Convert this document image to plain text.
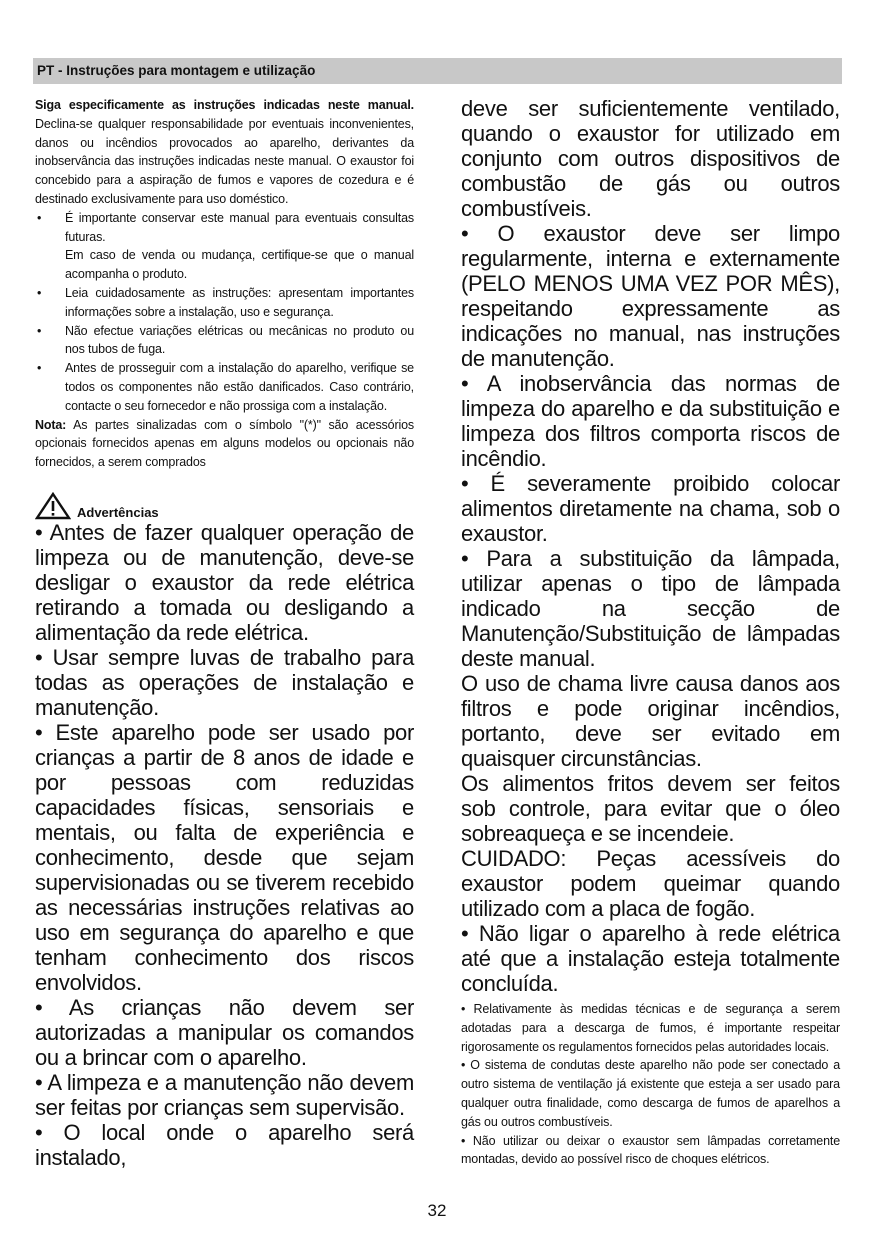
PT - Instruções para montagem e utilização

Siga especificamente as instruções indicadas neste manual. Declina-se qualquer responsabilidade por eventuais inconvenientes, danos ou incêndios provocados ao aparelho, derivantes da inobservância das instruções indicadas neste manual. O exaustor foi concebido para a aspiração de fumos e vapores de cozedura e é destinado exclusivamente para uso doméstico.

• É importante conservar este manual para eventuais consultas futuras.
Em caso de venda ou mudança, certifique-se que o manual acompanha o produto.
• Leia cuidadosamente as instruções: apresentam importantes informações sobre a instalação, uso e segurança.
• Não efectue variações elétricas ou mecânicas no produto ou nos tubos de fuga.
• Antes de prosseguir com a instalação do aparelho, verifique se todos os componentes não estão danificados. Caso contrário, contacte o seu fornecedor e não prossiga com a instalação.

Nota: As partes sinalizadas com o símbolo "(*)" são acessórios opcionais fornecidos apenas em alguns modelos ou opcionais não fornecidos, a serem comprados

Advertências

• Antes de fazer qualquer operação de limpeza ou de manutenção, deve-se desligar o exaustor da rede elétrica retirando a tomada ou desligando a alimentação da rede elétrica.

• Usar sempre luvas de trabalho para todas as operações de instalação e manutenção.

• Este aparelho pode ser usado por crianças a partir de 8 anos de idade e por pessoas com reduzidas capacidades físicas, sensoriais e mentais, ou falta de experiência e conhecimento, desde que sejam supervisionadas ou se tiverem recebido as necessárias instruções relativas ao uso em segurança do aparelho e que tenham conhecimento dos riscos envolvidos.

• As crianças não devem ser autorizadas a manipular os comandos ou a brincar com o aparelho.

• A limpeza e a manutenção não devem ser feitas por crianças sem supervisão.

• O local onde o aparelho será instalado,

deve ser suficientemente ventilado, quando o exaustor for utilizado em conjunto com outros dispositivos de combustão de gás ou outros combustíveis.

• O exaustor deve ser limpo regularmente, interna e externamente (PELO MENOS UMA VEZ POR MÊS), respeitando expressamente as indicações no manual, nas instruções de manutenção.

• A inobservância das normas de limpeza do aparelho e da substituição e limpeza dos filtros comporta riscos de incêndio.

• É severamente proibido colocar alimentos diretamente na chama, sob o exaustor.

• Para a substituição da lâmpada, utilizar apenas o tipo de lâmpada indicado na secção de Manutenção/Substituição de lâmpadas deste manual.

O uso de chama livre causa danos aos filtros e pode originar incêndios, portanto, deve ser evitado em quaisquer circunstâncias.

Os alimentos fritos devem ser feitos sob controle, para evitar que o óleo sobreaqueça e se incendeie.

CUIDADO: Peças acessíveis do exaustor podem queimar quando utilizado com a placa de fogão.

• Não ligar o aparelho à rede elétrica até que a instalação esteja totalmente concluída.

• Relativamente às medidas técnicas e de segurança a serem adotadas para a descarga de fumos, é importante respeitar rigorosamente os regulamentos fornecidos pelas autoridades locais.

• O sistema de condutas deste aparelho não pode ser conectado a outro sistema de ventilação já existente que esteja a ser usado para qualquer outra finalidade, como descarga de fumos de aparelhos a gás ou outros combustíveis.

• Não utilizar ou deixar o exaustor sem lâmpadas corretamente montadas, devido ao possível risco de choques elétricos.

32
